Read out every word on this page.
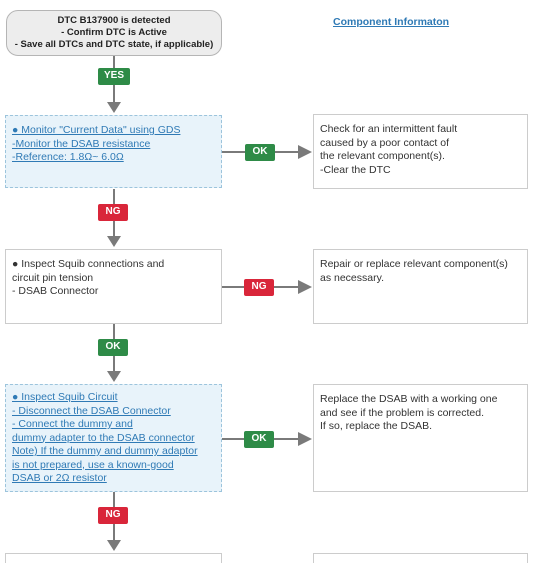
DTC B137900 is detected
- Confirm DTC is Active
- Save all DTCs and DTC state, if applicable)
Component Informaton
YES
● Monitor "Current Data" using GDS
-Monitor the DSAB resistance
-Reference: 1.8Ω~ 6.0Ω	OK
Check for an intermittent fault
caused by a poor contact of
the relevant component(s).
-Clear the DTC
NG
● Inspect Squib connections and
circuit pin tension
- DSAB Connector	NG
Repair or replace relevant component(s)
as necessary.
OK
● Inspect Squib Circuit
- Disconnect the DSAB Connector
- Connect the dummy and
dummy adapter to the DSAB connector
Note) If the dummy and dummy adaptor
is not prepared, use a known-good
DSAB or 2Ω resistor
OK
Replace the DSAB with a working one
and see if the problem is corrected.
If so, replace the DSAB.
NG
